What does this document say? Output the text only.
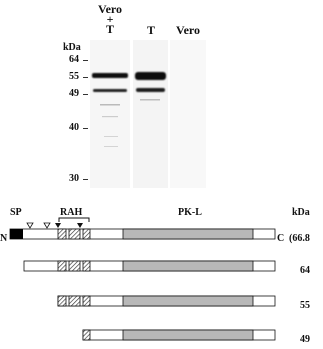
Vero
+
T	T	Vero
kDa
64
55
49
40
30
SP	RAH	PK-L	kDa
N	C (66.8
64
55
49
